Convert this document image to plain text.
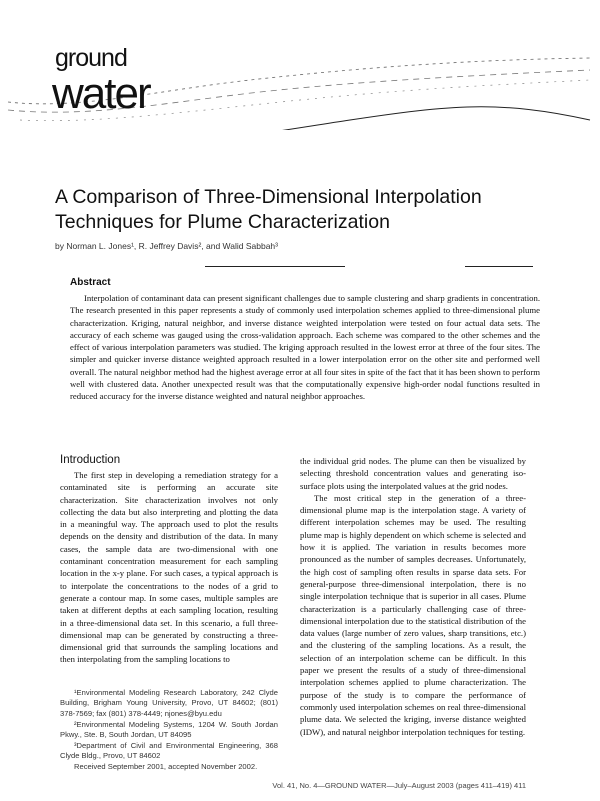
ground
water
A Comparison of Three-Dimensional Interpolation Techniques for Plume Characterization
by Norman L. Jones¹, R. Jeffrey Davis², and Walid Sabbah³
Abstract
Interpolation of contaminant data can present significant challenges due to sample clustering and sharp gradients in concentration. The research presented in this paper represents a study of commonly used interpolation schemes applied to three-dimensional plume characterization. Kriging, natural neighbor, and inverse distance weighted interpolation were tested on four actual data sets. The accuracy of each scheme was gauged using the cross-validation approach. Each scheme was compared to the other schemes and the effect of various interpolation parameters was studied. The kriging approach resulted in the lowest error at three of the four sites. The simpler and quicker inverse distance weighted approach resulted in a lower interpolation error on the other site and performed well overall. The natural neighbor method had the highest average error at all four sites in spite of the fact that it has been shown to perform well with clustered data. Another unexpected result was that the computationally expensive high-order nodal functions resulted in reduced accuracy for the inverse distance weighted and natural neighbor approaches.
Introduction

The first step in developing a remediation strategy for a contaminated site is performing an accurate site characterization. Site characterization involves not only collecting the data but also interpreting and plotting the data in a meaningful way. The approach used to plot the results depends on the density and distribution of the data. In many cases, the sample data are two-dimensional with one contaminant concentration measurement for each sampling location in the x-y plane. For such cases, a typical approach is to interpolate the concentrations to the nodes of a grid to generate a contour map. In some cases, multiple samples are taken at different depths at each sampling location, resulting in a three-dimensional data set. In this scenario, a full three-dimensional map can be generated by constructing a three-dimensional grid that surrounds the sampling locations and then interpolating from the sampling locations to

¹Environmental Modeling Research Laboratory, 242 Clyde Building, Brigham Young University, Provo, UT 84602; (801) 378-7569; fax (801) 378-4449; njones@byu.edu

²Environmental Modeling Systems, 1204 W. South Jordan Pkwy., Ste. B, South Jordan, UT 84095

³Department of Civil and Environmental Engineering, 368 Clyde Bldg., Provo, UT 84602

Received September 2001, accepted November 2002.

the individual grid nodes. The plume can then be visualized by selecting threshold concentration values and generating iso-surface plots using the interpolated values at the grid nodes.

The most critical step in the generation of a three-dimensional plume map is the interpolation stage. A variety of different interpolation schemes may be used. The resulting plume map is highly dependent on which scheme is selected and how it is applied. The variation in results becomes more pronounced as the number of samples decreases. Unfortunately, the high cost of sampling often results in sparse data sets. For general-purpose three-dimensional interpolation, there is no single interpolation technique that is superior in all cases. Plume characterization is a particularly challenging case of three-dimensional interpolation due to the statistical distribution of the data values (large number of zero values, sharp transitions, etc.) and the clustering of the sampling locations. As a result, the selection of an interpolation scheme can be difficult. In this paper we present the results of a study of three-dimensional interpolation schemes applied to plume characterization. The purpose of the study is to compare the performance of commonly used interpolation schemes on real three-dimensional plume data. We selected the kriging, inverse distance weighted (IDW), and natural neighbor interpolation techniques for testing.

Vol. 41, No. 4—GROUND WATER—July–August 2003 (pages 411–419) 411
